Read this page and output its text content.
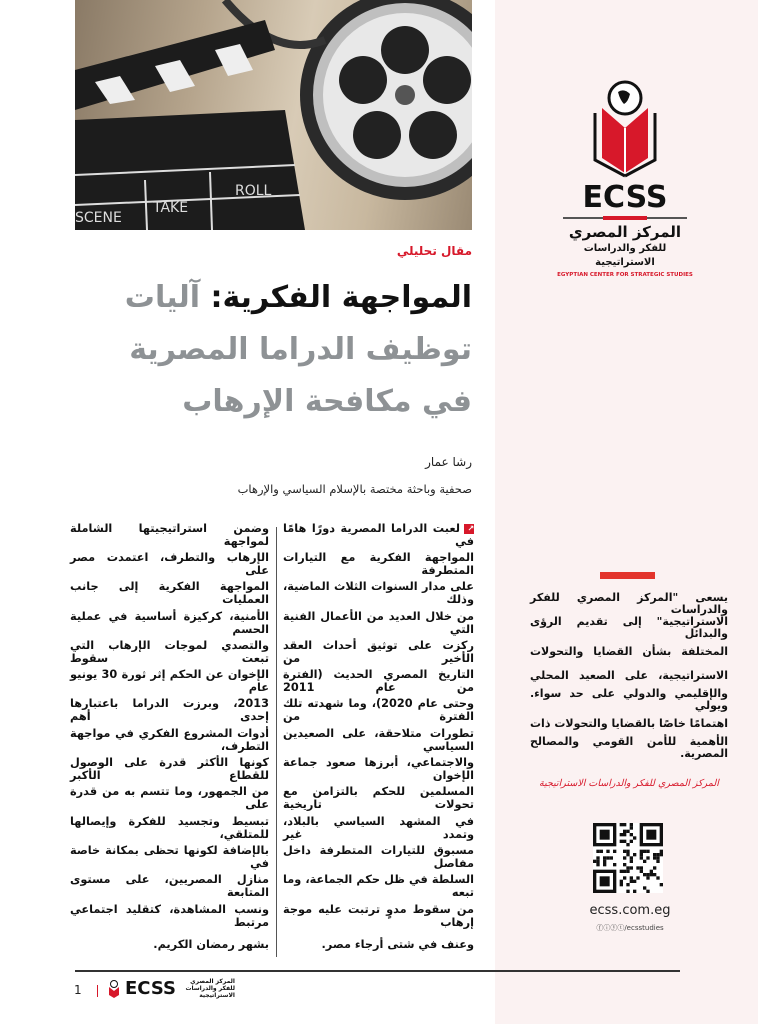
SCENE
TAKE
ROLL	ECSS
المركز المصري
للفكر والدراسات الاستراتيجية
EGYPTIAN CENTER FOR STRATEGIC STUDIES
مقال تحليلي
المواجهة الفكرية: آليات
توظيف الدراما المصرية
في مكافحة الإرهاب
رشا عمار
صحفية وباحثة مختصة بالإسلام السياسي والإرهاب
↗لعبت الدراما المصرية دورًا هامًا في
المواجهة الفكرية مع التيارات المتطرفة
على مدار السنوات الثلاث الماضية، وذلك
من خلال العديد من الأعمال الفنية التي
ركزت على توثيق أحداث العقد الأخير من
التاريخ المصري الحديث (الفترة من عام 2011
وحتى عام 2020)، وما شهدته تلك الفترة من
تطورات متلاحقة، على الصعيدين السياسي
والاجتماعي، أبرزها صعود جماعة الإخوان
المسلمين للحكم بالتزامن مع تحولات تاريخية
في المشهد السياسي بالبلاد، وتمدد غير
مسبوق للتيارات المتطرفة داخل مفاصل
السلطة في ظل حكم الجماعة، وما تبعه
من سقوط مدوٍ ترتبت عليه موجة إرهاب
وعنف في شتى أرجاء مصر.
وضمن استراتيجيتها الشاملة لمواجهة
الإرهاب والتطرف، اعتمدت مصر على
المواجهة الفكرية إلى جانب العمليات
الأمنية، كركيزة أساسية في عملية الحسم
والتصدي لموجات الإرهاب التي تبعت سقوط
الإخوان عن الحكم إثر ثورة 30 يونيو عام
2013، وبرزت الدراما باعتبارها إحدى أهم
أدوات المشروع الفكري في مواجهة التطرف،
كونها الأكثر قدرة على الوصول للقطاع الأكبر
من الجمهور، وما تتسم به من قدرة على
تبسيط وتجسيد للفكرة وإيصالها للمتلقي،
بالإضافة لكونها تحظى بمكانة خاصة في
منازل المصريين، على مستوى المتابعة
ونسب المشاهدة، كتقليد اجتماعي مرتبط
بشهر رمضان الكريم.
يسعى "المركز المصري للفكر والدراسات
الاستراتيجية" إلى تقديم الرؤى والبدائل
المختلفة بشأن القضايا والتحولات
الاستراتيجية، على الصعيد المحلي
والإقليمي والدولي على حد سواء. ويولي
اهتمامًا خاصًا بالقضايا والتحولات ذات
الأهمية للأمن القومي والمصالح المصرية.
المركز المصري للفكر والدراسات الاستراتيجية
ecss.com.eg
ⓕⓘⓨⓣ/ecsstudies
1 ECSS	المركز المصري للفكر والدراسات الاستراتيجية
